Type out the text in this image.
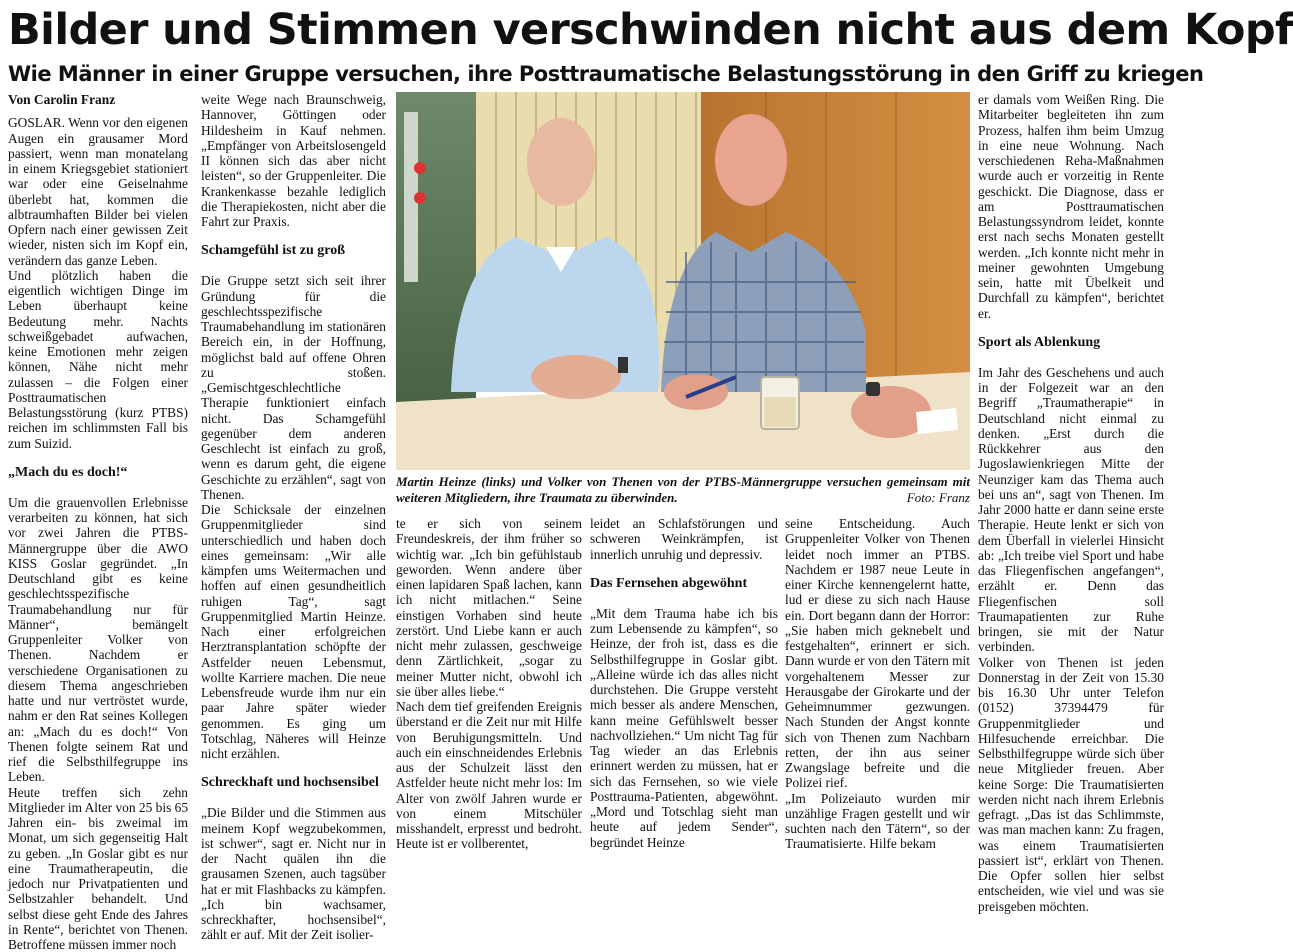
Bilder und Stimmen verschwinden nicht aus dem Kopf
Wie Männer in einer Gruppe versuchen, ihre Posttraumatische Belastungsstörung in den Griff zu kriegen

Von Carolin Franz

GOSLAR. Wenn vor den eigenen Augen ein grausamer Mord passiert, wenn man monatelang in einem Kriegsgebiet stationiert war oder eine Geiselnahme überlebt hat, kommen die albtraumhaften Bilder bei vielen Opfern nach einer gewissen Zeit wieder, nisten sich im Kopf ein, verändern das ganze Leben.

Und plötzlich haben die eigentlich wichtigen Dinge im Leben überhaupt keine Bedeutung mehr. Nachts schweißgebadet aufwachen, keine Emotionen mehr zeigen können, Nähe nicht mehr zulassen – die Folgen einer Posttraumatischen Belastungsstörung (kurz PTBS) reichen im schlimmsten Fall bis zum Suizid.

„Mach du es doch!“

Um die grauenvollen Erlebnisse verarbeiten zu können, hat sich vor zwei Jahren die PTBS-Männergruppe über die AWO KISS Goslar gegründet. „In Deutschland gibt es keine geschlechtsspezifische Traumabehandlung nur für Männer“, bemängelt Gruppenleiter Volker von Thenen. Nachdem er verschiedene Organisationen zu diesem Thema angeschrieben hatte und nur vertröstet wurde, nahm er den Rat seines Kollegen an: „Mach du es doch!“ Von Thenen folgte seinem Rat und rief die Selbsthilfegruppe ins Leben.

Heute treffen sich zehn Mitglieder im Alter von 25 bis 65 Jahren ein- bis zweimal im Monat, um sich gegenseitig Halt zu geben. „In Goslar gibt es nur eine Traumatherapeutin, die jedoch nur Privatpatienten und Selbstzahler behandelt. Und selbst diese geht Ende des Jahres in Rente“, berichtet von Thenen. Betroffene müssen immer noch

weite Wege nach Braunschweig, Hannover, Göttingen oder Hildesheim in Kauf nehmen. „Empfänger von Arbeitslosengeld II können sich das aber nicht leisten“, so der Gruppenleiter. Die Krankenkasse bezahle lediglich die Therapiekosten, nicht aber die Fahrt zur Praxis.

Schamgefühl ist zu groß

Die Gruppe setzt sich seit ihrer Gründung für die geschlechtsspezifische Traumabehandlung im stationären Bereich ein, in der Hoffnung, möglichst bald auf offene Ohren zu stoßen. „Gemischtgeschlechtliche Therapie funktioniert einfach nicht. Das Schamgefühl gegenüber dem anderen Geschlecht ist einfach zu groß, wenn es darum geht, die eigene Geschichte zu erzählen“, sagt von Thenen.

Die Schicksale der einzelnen Gruppenmitglieder sind unterschiedlich und haben doch eines gemeinsam: „Wir alle kämpfen ums Weitermachen und hoffen auf einen gesundheitlich ruhigen Tag“, sagt Gruppenmitglied Martin Heinze. Nach einer erfolgreichen Herztransplantation schöpfte der Astfelder neuen Lebensmut, wollte Karriere machen. Die neue Lebensfreude wurde ihm nur ein paar Jahre später wieder genommen. Es ging um Totschlag, Näheres will Heinze nicht erzählen.

Schreckhaft und hochsensibel

„Die Bilder und die Stimmen aus meinem Kopf wegzubekommen, ist schwer“, sagt er. Nicht nur in der Nacht quälen ihn die grausamen Szenen, auch tagsüber hat er mit Flashbacks zu kämpfen. „Ich bin wachsamer, schreckhafter, hochsensibel“, zählt er auf. Mit der Zeit isolier-

Martin Heinze (links) und Volker von Thenen von der PTBS-Männergruppe versuchen gemeinsam mit weiteren Mitgliedern, ihre Traumata zu überwinden.	Foto: Franz

te er sich von seinem Freundeskreis, der ihm früher so wichtig war. „Ich bin gefühlstaub geworden. Wenn andere über einen lapidaren Spaß lachen, kann ich nicht mitlachen.“ Seine einstigen Vorhaben sind heute zerstört. Und Liebe kann er auch nicht mehr zulassen, geschweige denn Zärtlichkeit, „sogar zu meiner Mutter nicht, obwohl ich sie über alles liebe.“

Nach dem tief greifenden Ereignis überstand er die Zeit nur mit Hilfe von Beruhigungsmitteln. Und auch ein einschneidendes Erlebnis aus der Schulzeit lässt den Astfelder heute nicht mehr los: Im Alter von zwölf Jahren wurde er von einem Mitschüler misshandelt, erpresst und bedroht. Heute ist er vollberentet,

leidet an Schlafstörungen und schweren Weinkrämpfen, ist innerlich unruhig und depressiv.

Das Fernsehen abgewöhnt

„Mit dem Trauma habe ich bis zum Lebensende zu kämpfen“, so Heinze, der froh ist, dass es die Selbsthilfegruppe in Goslar gibt. „Alleine würde ich das alles nicht durchstehen. Die Gruppe versteht mich besser als andere Menschen, kann meine Gefühlswelt besser nachvollziehen.“ Um nicht Tag für Tag wieder an das Erlebnis erinnert werden zu müssen, hat er sich das Fernsehen, so wie viele Posttrauma-Patienten, abgewöhnt. „Mord und Totschlag sieht man heute auf jedem Sender“, begründet Heinze

seine Entscheidung. Auch Gruppenleiter Volker von Thenen leidet noch immer an PTBS. Nachdem er 1987 neue Leute in einer Kirche kennengelernt hatte, lud er diese zu sich nach Hause ein. Dort begann dann der Horror: „Sie haben mich geknebelt und festgehalten“, erinnert er sich. Dann wurde er von den Tätern mit vorgehaltenem Messer zur Herausgabe der Girokarte und der Geheimnummer gezwungen. Nach Stunden der Angst konnte sich von Thenen zum Nachbarn retten, der ihn aus seiner Zwangslage befreite und die Polizei rief.

„Im Polizeiauto wurden mir unzählige Fragen gestellt und wir suchten nach den Tätern“, so der Traumatisierte. Hilfe bekam

er damals vom Weißen Ring. Die Mitarbeiter begleiteten ihn zum Prozess, halfen ihm beim Umzug in eine neue Wohnung. Nach verschiedenen Reha-Maßnahmen wurde auch er vorzeitig in Rente geschickt. Die Diagnose, dass er am Posttraumatischen Belastungssyndrom leidet, konnte erst nach sechs Monaten gestellt werden. „Ich konnte nicht mehr in meiner gewohnten Umgebung sein, hatte mit Übelkeit und Durchfall zu kämpfen“, berichtet er.

Sport als Ablenkung

Im Jahr des Geschehens und auch in der Folgezeit war an den Begriff „Traumatherapie“ in Deutschland nicht einmal zu denken. „Erst durch die Rückkehrer aus den Jugoslawienkriegen Mitte der Neunziger kam das Thema auch bei uns an“, sagt von Thenen. Im Jahr 2000 hatte er dann seine erste Therapie. Heute lenkt er sich von dem Überfall in vielerlei Hinsicht ab: „Ich treibe viel Sport und habe das Fliegenfischen angefangen“, erzählt er. Denn das Fliegenfischen soll Traumapatienten zur Ruhe bringen, sie mit der Natur verbinden.

Volker von Thenen ist jeden Donnerstag in der Zeit von 15.30 bis 16.30 Uhr unter Telefon (0152) 37394479 für Gruppenmitglieder und Hilfesuchende erreichbar. Die Selbsthilfegruppe würde sich über neue Mitglieder freuen. Aber keine Sorge: Die Traumatisierten werden nicht nach ihrem Erlebnis gefragt. „Das ist das Schlimmste, was man machen kann: Zu fragen, was einem Traumatisierten passiert ist“, erklärt von Thenen. Die Opfer sollen hier selbst entscheiden, wie viel und was sie preisgeben möchten.
